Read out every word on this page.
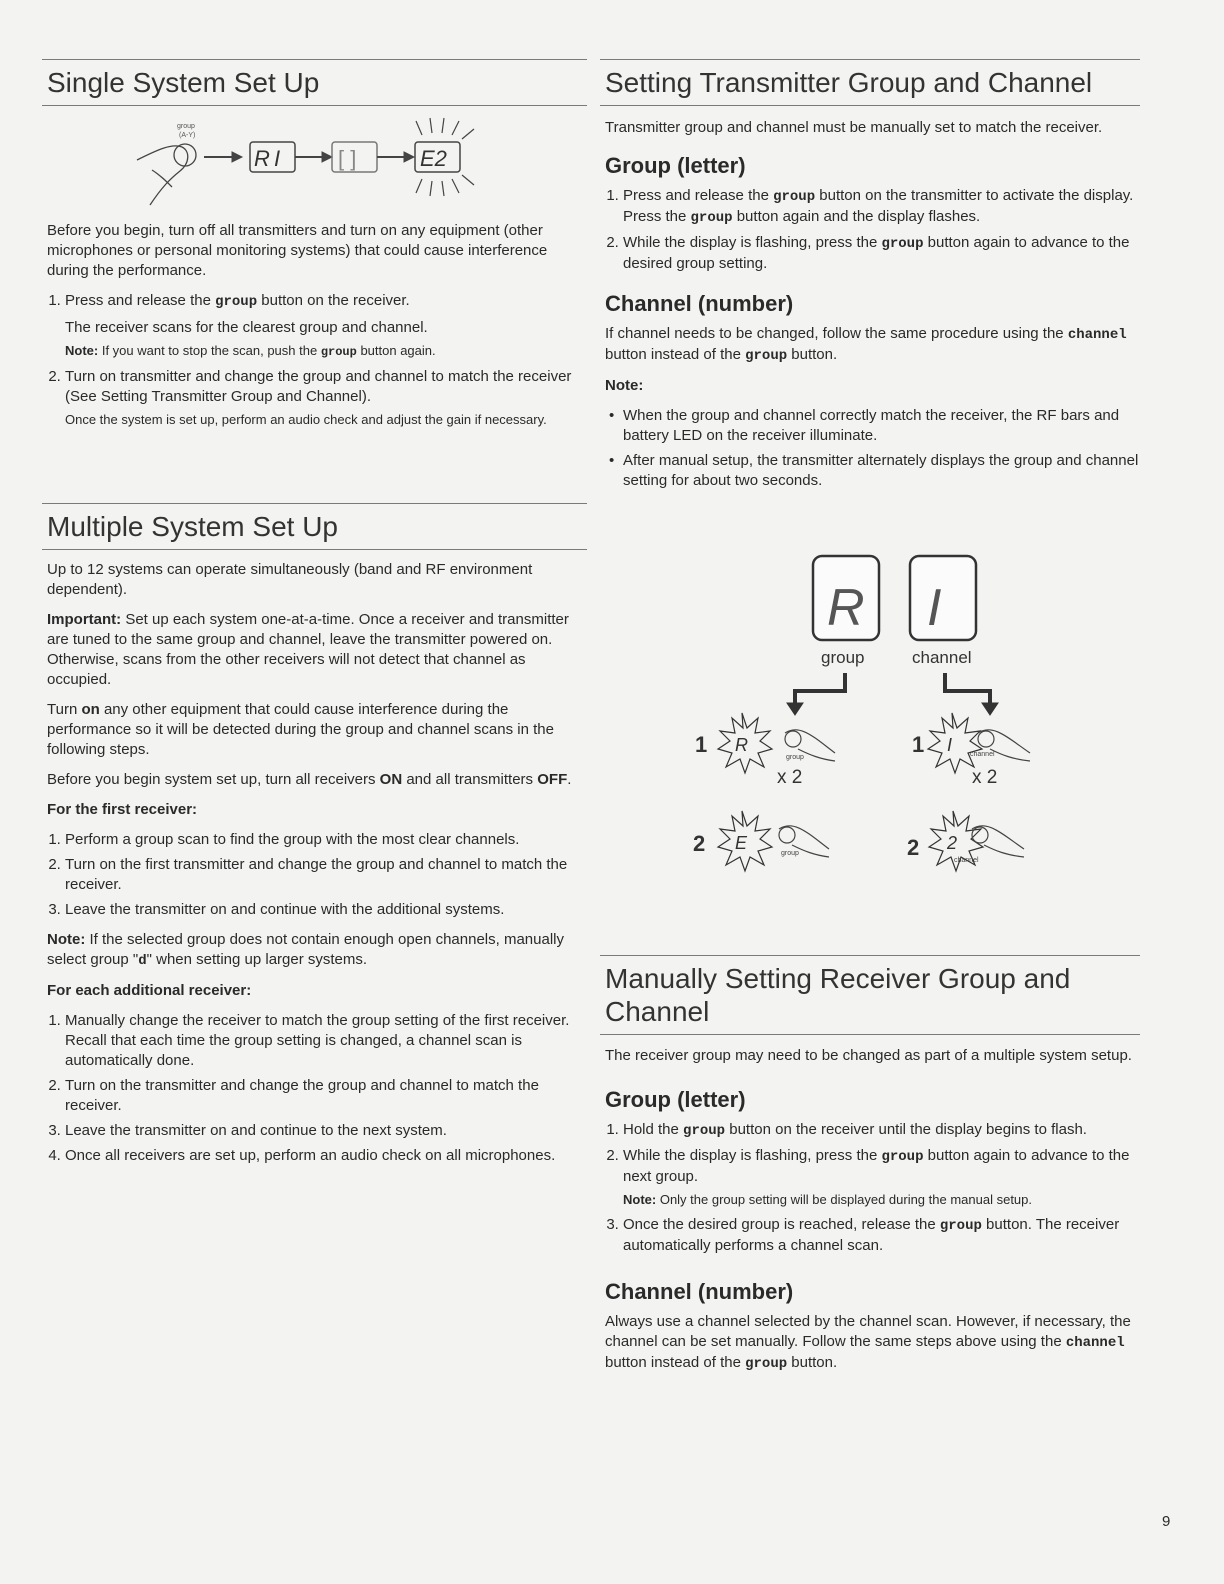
Single System Set Up
group
(A-Y)
R I	[ ]	E2

Before you begin, turn off all transmitters and turn on any equipment (other microphones or personal monitoring systems) that could cause interference during the performance.

1. Press and release the group button on the receiver.
The receiver scans for the clearest group and channel.
Note: If you want to stop the scan, push the group button again.
2. Turn on transmitter and change the group and channel to match the receiver (See Setting Transmitter Group and Channel).
Once the system is set up, perform an audio check and adjust the gain if necessary.
Multiple System Set Up

Up to 12 systems can operate simultaneously (band and RF environment dependent).

Important: Set up each system one-at-a-time. Once a receiver and transmitter are tuned to the same group and channel, leave the transmitter powered on. Otherwise, scans from the other receivers will not detect that channel as occupied.

Turn on any other equipment that could cause interference during the performance so it will be detected during the group and channel scans in the following steps.

Before you begin system set up, turn all receivers ON and all transmitters OFF.

For the first receiver:
1. Perform a group scan to find the group with the most clear channels.
2. Turn on the first transmitter and change the group and channel to match the receiver.
3. Leave the transmitter on and continue with the additional systems.

Note: If the selected group does not contain enough open channels, manually select group "d" when setting up larger systems.

For each additional receiver:
1. Manually change the receiver to match the group setting of the first receiver. Recall that each time the group setting is changed, a channel scan is automatically done.
2. Turn on the transmitter and change the group and channel to match the receiver.
3. Leave the transmitter on and continue to the next system.
4. Once all receivers are set up, perform an audio check on all microphones.
Setting Transmitter Group and Channel

Transmitter group and channel must be manually set to match the receiver.

Group (letter)
1. Press and release the group button on the transmitter to activate the display. Press the group button again and the display flashes.
2. While the display is flashing, press the group button again to advance to the desired group setting.
Channel (number)

If channel needs to be changed, follow the same procedure using the channel button instead of the group button.

Note:
• When the group and channel correctly match the receiver, the RF bars and battery LED on the receiver illuminate.
• After manual setup, the transmitter alternately displays the group and channel setting for about two seconds.
R I
group	channel
1 R
group
x 2
1 I	channel
x 2
2 E
group	2 2
channel
Manually Setting Receiver Group and Channel

The receiver group may need to be changed as part of a multiple system setup.

Group (letter)
1. Hold the group button on the receiver until the display begins to flash.
2. While the display is flashing, press the group button again to advance to the next group.
Note: Only the group setting will be displayed during the manual setup.
3. Once the desired group is reached, release the group button. The receiver automatically performs a channel scan.
Channel (number)

Always use a channel selected by the channel scan. However, if necessary, the channel can be set manually. Follow the same steps above using the channel button instead of the group button.

9
